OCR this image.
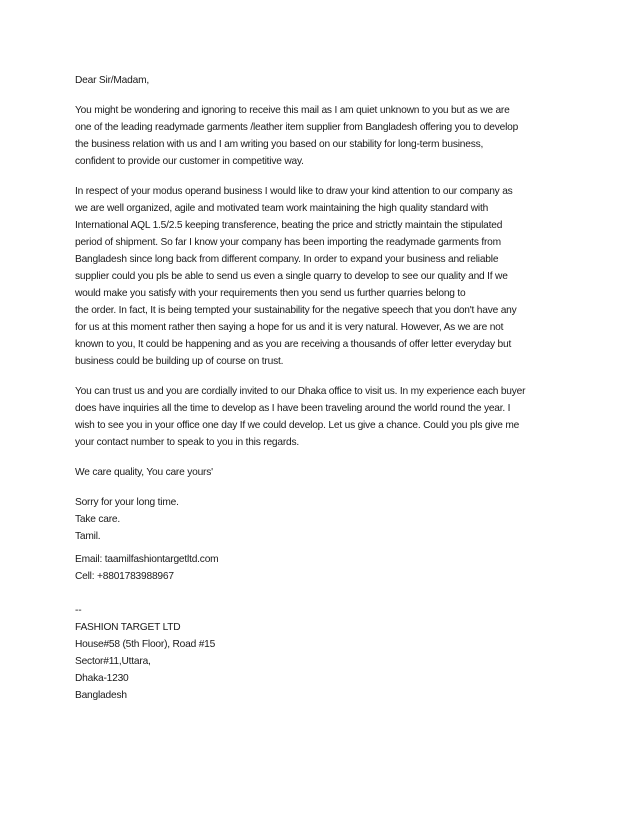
Dear Sir/Madam,

You might be wondering and ignoring to receive this mail as I am quiet unknown to you but as we are
one of the leading readymade garments /leather item supplier from Bangladesh offering you to develop
the business relation with us and I am writing you based on our stability for long-term business,
confident to provide our customer in competitive way.

In respect of your modus operand business I would like to draw your kind attention to our company as
we are well organized, agile and motivated team work maintaining the high quality standard with
International AQL 1.5/2.5 keeping transference, beating the price and strictly maintain the stipulated
period of shipment. So far I know your company has been importing the readymade garments from
Bangladesh since long back from different company. In order to expand your business and reliable
supplier could you pls be able to send us even a single quarry to develop to see our quality and If we
would make you satisfy with your requirements then you send us further quarries belong to
the order. In fact, It is being tempted your sustainability for the negative speech that you don't have any
for us at this moment rather then saying a hope for us and it is very natural. However, As we are not
known to you, It could be happening and as you are receiving a thousands of offer letter everyday but
business could be building up of course on trust.

You can trust us and you are cordially invited to our Dhaka office to visit us. In my experience each buyer
does have inquiries all the time to develop as I have been traveling around the world round the year. I
wish to see you in your office one day If we could develop. Let us give a chance. Could you pls give me
your contact number to speak to you in this regards.

We care quality, You care yours'

Sorry for your long time.
Take care.
Tamil.

Email: taamilfashiontargetltd.com
Cell: +8801783988967

--
FASHION TARGET LTD
House#58 (5th Floor), Road #15
Sector#11,Uttara,
Dhaka-1230
Bangladesh
